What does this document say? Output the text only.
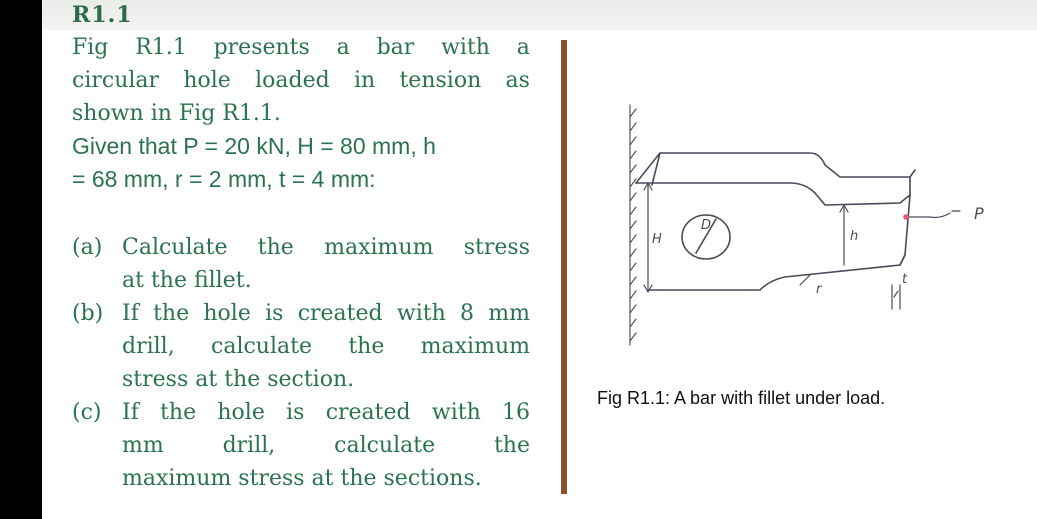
R1.1
Fig R1.1 presents a bar with a
circular hole loaded in tension as
shown in Fig R1.1.
Given that P = 20 kN, H = 80 mm, h
= 68 mm, r = 2 mm, t = 4 mm:
(a) Calculate the maximum stress
at the fillet.
(b) If the hole is created with 8 mm
drill, calculate the maximum
stress at the section.
(c) If the hole is created with 16
mm	drill,	calculate	the
maximum stress at the sections.
H
D
h
r
t
P
Fig R1.1: A bar with fillet under load.
